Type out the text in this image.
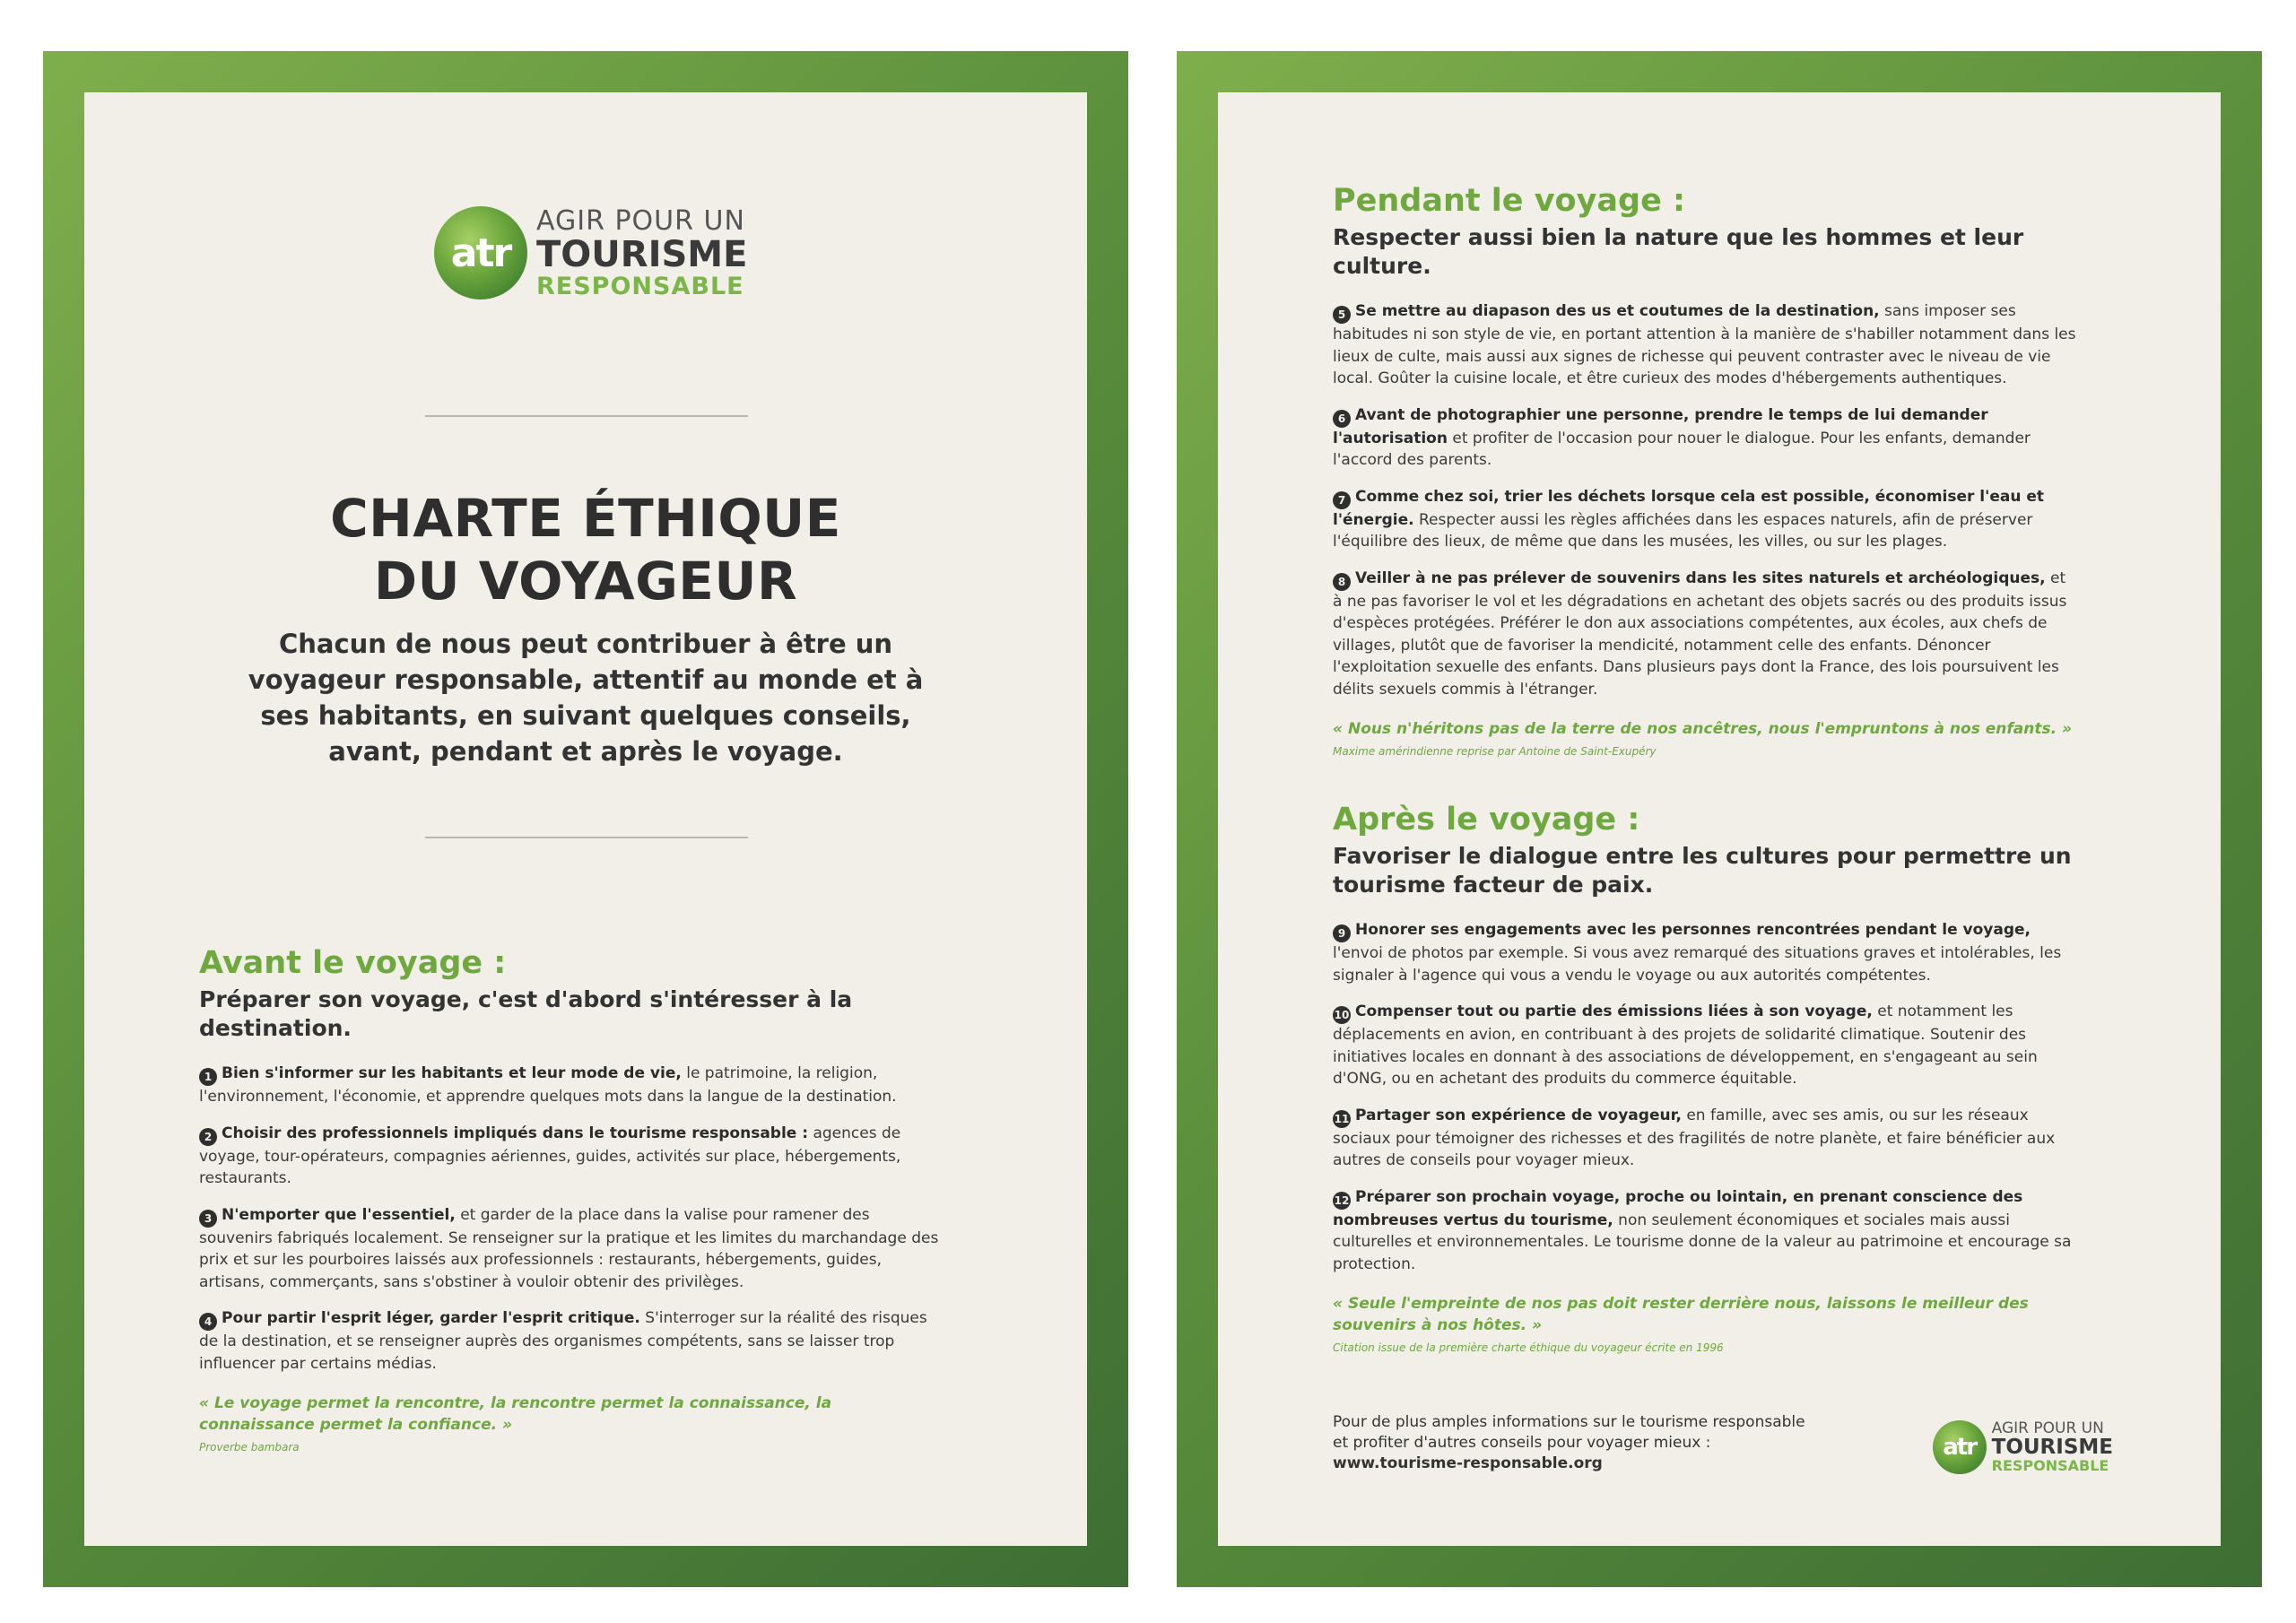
atr
AGIR POUR UN
TOURISME
RESPONSABLE
CHARTE ÉTHIQUE
DU VOYAGEUR
Chacun de nous peut contribuer à être un voyageur responsable, attentif au monde et à ses habitants, en suivant quelques conseils, avant, pendant et après le voyage.
Avant le voyage :
Préparer son voyage, c'est d'abord s'intéresser à la destination.

1 Bien s'informer sur les habitants et leur mode de vie, le patrimoine, la religion, l'environnement, l'économie, et apprendre quelques mots dans la langue de la destination.

2 Choisir des professionnels impliqués dans le tourisme responsable : agences de voyage, tour-opérateurs, compagnies aériennes, guides, activités sur place, hébergements, restaurants.

3 N'emporter que l'essentiel, et garder de la place dans la valise pour ramener des souvenirs fabriqués localement. Se renseigner sur la pratique et les limites du marchandage des prix et sur les pourboires laissés aux professionnels : restaurants, hébergements, guides, artisans, commerçants, sans s'obstiner à vouloir obtenir des privilèges.

4 Pour partir l'esprit léger, garder l'esprit critique. S'interroger sur la réalité des risques de la destination, et se renseigner auprès des organismes compétents, sans se laisser trop influencer par certains médias.

« Le voyage permet la rencontre, la rencontre permet la connaissance, la connaissance permet la confiance. »
Proverbe bambara
Pendant le voyage :
Respecter aussi bien la nature que les hommes et leur culture.

5 Se mettre au diapason des us et coutumes de la destination, sans imposer ses habitudes ni son style de vie, en portant attention à la manière de s'habiller notamment dans les lieux de culte, mais aussi aux signes de richesse qui peuvent contraster avec le niveau de vie local. Goûter la cuisine locale, et être curieux des modes d'hébergements authentiques.

6 Avant de photographier une personne, prendre le temps de lui demander l'autorisation et profiter de l'occasion pour nouer le dialogue. Pour les enfants, demander l'accord des parents.

7 Comme chez soi, trier les déchets lorsque cela est possible, économiser l'eau et l'énergie. Respecter aussi les règles affichées dans les espaces naturels, afin de préserver l'équilibre des lieux, de même que dans les musées, les villes, ou sur les plages.

8 Veiller à ne pas prélever de souvenirs dans les sites naturels et archéologiques, et à ne pas favoriser le vol et les dégradations en achetant des objets sacrés ou des produits issus d'espèces protégées. Préférer le don aux associations compétentes, aux écoles, aux chefs de villages, plutôt que de favoriser la mendicité, notamment celle des enfants. Dénoncer l'exploitation sexuelle des enfants. Dans plusieurs pays dont la France, des lois poursuivent les délits sexuels commis à l'étranger.

« Nous n'héritons pas de la terre de nos ancêtres, nous l'empruntons à nos enfants. »
Maxime amérindienne reprise par Antoine de Saint-Exupéry
Après le voyage :
Favoriser le dialogue entre les cultures pour permettre un tourisme facteur de paix.

9 Honorer ses engagements avec les personnes rencontrées pendant le voyage, l'envoi de photos par exemple. Si vous avez remarqué des situations graves et intolérables, les signaler à l'agence qui vous a vendu le voyage ou aux autorités compétentes.

10 Compenser tout ou partie des émissions liées à son voyage, et notamment les déplacements en avion, en contribuant à des projets de solidarité climatique. Soutenir des initiatives locales en donnant à des associations de développement, en s'engageant au sein d'ONG, ou en achetant des produits du commerce équitable.

11 Partager son expérience de voyageur, en famille, avec ses amis, ou sur les réseaux sociaux pour témoigner des richesses et des fragilités de notre planète, et faire bénéficier aux autres de conseils pour voyager mieux.

12 Préparer son prochain voyage, proche ou lointain, en prenant conscience des nombreuses vertus du tourisme, non seulement économiques et sociales mais aussi culturelles et environnementales. Le tourisme donne de la valeur au patrimoine et encourage sa protection.

« Seule l'empreinte de nos pas doit rester derrière nous, laissons le meilleur des souvenirs à nos hôtes. »
Citation issue de la première charte éthique du voyageur écrite en 1996
Pour de plus amples informations sur le tourisme responsable
et profiter d'autres conseils pour voyager mieux :
www.tourisme-responsable.org
atr
AGIR POUR UN
TOURISME
RESPONSABLE
